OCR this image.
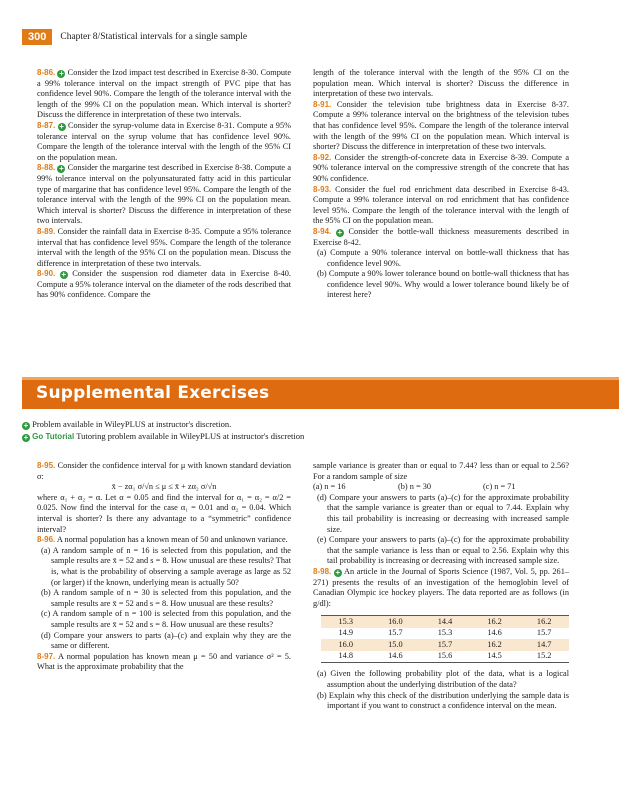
300	Chapter 8/Statistical intervals for a single sample

8-86. + Consider the Izod impact test described in Exercise 8-30. Compute a 99% tolerance interval on the impact strength of PVC pipe that has confidence level 90%. Compare the length of the tolerance interval with the length of the 99% CI on the population mean. Which interval is shorter? Discuss the difference in interpretation of these two intervals.

8-87. + Consider the syrup-volume data in Exercise 8-31. Compute a 95% tolerance interval on the syrup volume that has confidence level 90%. Compare the length of the tolerance interval with the length of the 95% CI on the population mean.

8-88. + Consider the margarine test described in Exercise 8-38. Compute a 99% tolerance interval on the polyunsaturated fatty acid in this particular type of margarine that has confidence level 95%. Compare the length of the tolerance interval with the length of the 99% CI on the population mean. Which interval is shorter? Discuss the difference in interpretation of these two intervals.

8-89. Consider the rainfall data in Exercise 8-35. Compute a 95% tolerance interval that has confidence level 95%. Compare the length of the tolerance interval with the length of the 95% CI on the population mean. Discuss the difference in interpretation of these two intervals.

8-90. + Consider the suspension rod diameter data in Exercise 8-40. Compute a 95% tolerance interval on the diameter of the rods described that has 90% confidence. Compare the

length of the tolerance interval with the length of the 95% CI on the population mean. Which interval is shorter? Discuss the difference in interpretation of these two intervals.

8-91. Consider the television tube brightness data in Exercise 8-37. Compute a 99% tolerance interval on the brightness of the television tubes that has confidence level 95%. Compare the length of the tolerance interval with the length of the 99% CI on the population mean. Which interval is shorter? Discuss the difference in interpretation of these two intervals.

8-92. Consider the strength-of-concrete data in Exercise 8-39. Compute a 90% tolerance interval on the compressive strength of the concrete that has 90% confidence.

8-93. Consider the fuel rod enrichment data described in Exercise 8-43. Compute a 99% tolerance interval on rod enrichment that has confidence level 95%. Compare the length of the tolerance interval with the length of the 95% CI on the population mean.

8-94. + Consider the bottle-wall thickness measurements described in Exercise 8-42.

(a) Compute a 90% tolerance interval on bottle-wall thickness that has confidence level 90%.

(b) Compute a 90% lower tolerance bound on bottle-wall thickness that has confidence level 90%. Why would a lower tolerance bound likely be of interest here?

Supplemental Exercises
+ Problem available in WileyPLUS at instructor's discretion.
+ Go Tutorial Tutoring problem available in WileyPLUS at instructor's discretion

8-95. Consider the confidence interval for μ with known standard deviation σ:

x̄ − zα₁ σ/√n ≤ μ ≤ x̄ + zα₂ σ/√n

where α₁ + α₂ = α. Let α = 0.05 and find the interval for α₁ = α₂ = α/2 = 0.025. Now find the interval for the case α₁ = 0.01 and α₂ = 0.04. Which interval is shorter? Is there any advantage to a “symmetric” confidence interval?

8-96. A normal population has a known mean of 50 and unknown variance.

(a) A random sample of n = 16 is selected from this population, and the sample results are x̄ = 52 and s = 8. How unusual are these results? That is, what is the probability of observing a sample average as large as 52 (or larger) if the known, underlying mean is actually 50?

(b) A random sample of n = 30 is selected from this population, and the sample results are x̄ = 52 and s = 8. How unusual are these results?

(c) A random sample of n = 100 is selected from this population, and the sample results are x̄ = 52 and s = 8. How unusual are these results?

(d) Compare your answers to parts (a)–(c) and explain why they are the same or different.

8-97. A normal population has known mean μ = 50 and variance σ² = 5. What is the approximate probability that the

sample variance is greater than or equal to 7.44? less than or equal to 2.56? For a random sample of size

(a) n = 16	(b) n = 30	(c) n = 71

(d) Compare your answers to parts (a)–(c) for the approximate probability that the sample variance is greater than or equal to 7.44. Explain why this tail probability is increasing or decreasing with increased sample size.

(e) Compare your answers to parts (a)–(c) for the approximate probability that the sample variance is less than or equal to 2.56. Explain why this tail probability is increasing or decreasing with increased sample size.

8-98. + An article in the Journal of Sports Science (1987, Vol. 5, pp. 261–271) presents the results of an investigation of the hemoglobin level of Canadian Olympic ice hockey players. The data reported are as follows (in g/dl):

15.3	16.0	14.4	16.2	16.2
14.9	15.7	15.3	14.6	15.7
16.0	15.0	15.7	16.2	14.7
14.8	14.6	15.6	14.5	15.2

(a) Given the following probability plot of the data, what is a logical assumption about the underlying distribution of the data?

(b) Explain why this check of the distribution underlying the sample data is important if you want to construct a confidence interval on the mean.
